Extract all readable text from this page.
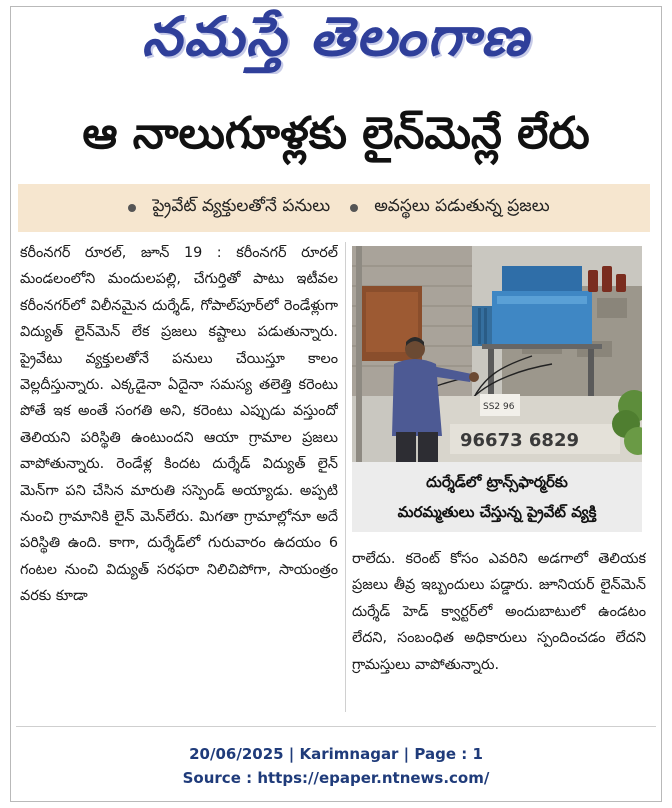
నమస్తే తెలంగాణ
ఆ నాలుగూళ్లకు లైన్‌మెన్లే లేరు
ప్రైవేట్ వ్యక్తులతోనే పనులు	అవస్థలు పడుతున్న ప్రజలు

కరీంనగర్ రూరల్, జూన్ 19 : కరీంనగర్ రూరల్ మండలంలోని మందులపల్లి, చేగుర్తితో పాటు ఇటీవల కరీంనగర్‌లో విలీనమైన దుర్శేడ్, గోపాల్‌పూర్‌లో రెండేళ్లుగా విద్యుత్ లైన్‌మెన్ లేక ప్రజలు కష్టాలు పడుతున్నారు. ప్రైవేటు వ్యక్తులతోనే పనులు చేయిస్తూ కాలం వెల్లదీస్తున్నారు. ఎక్కడైనా ఏదైనా సమస్య తలెత్తి కరెంటు పోతే ఇక అంతే సంగతి అని, కరెంటు ఎప్పుడు వస్తుందో తెలియని పరిస్థితి ఉంటుందని ఆయా గ్రామాల ప్రజలు వాపోతున్నారు. రెండేళ్ల కిందట దుర్శేడ్ విద్యుత్ లైన్ మెన్‌గా పని చేసిన మారుతి సస్పెండ్ అయ్యాడు. అప్పటి నుంచి గ్రామానికి లైన్ మెన్‌లేరు. మిగతా గ్రామాల్లోనూ అదే పరిస్థితి ఉంది. కాగా, దుర్శేడ్‌లో గురువారం ఉదయం 6 గంటల నుంచి విద్యుత్ సరఫరా నిలిచిపోగా, సాయంత్రం వరకు కూడా

96673 6829
SS2 96
దుర్శేడ్‌లో ట్రాన్స్‌ఫార్మర్‌కు
మరమ్మతులు చేస్తున్న ప్రైవేట్ వ్యక్తి

రాలేదు. కరెంట్ కోసం ఎవరిని అడగాలో తెలియక ప్రజలు తీవ్ర ఇబ్బందులు పడ్డారు. జూనియర్ లైన్‌మెన్ దుర్శేడ్ హెడ్ క్వార్టర్‌లో అందుబాటులో ఉండటం లేదని, సంబంధిత అధికారులు స్పందించడం లేదని గ్రామస్తులు వాపోతున్నారు.

20/06/2025 | Karimnagar | Page : 1
Source : https://epaper.ntnews.com/
